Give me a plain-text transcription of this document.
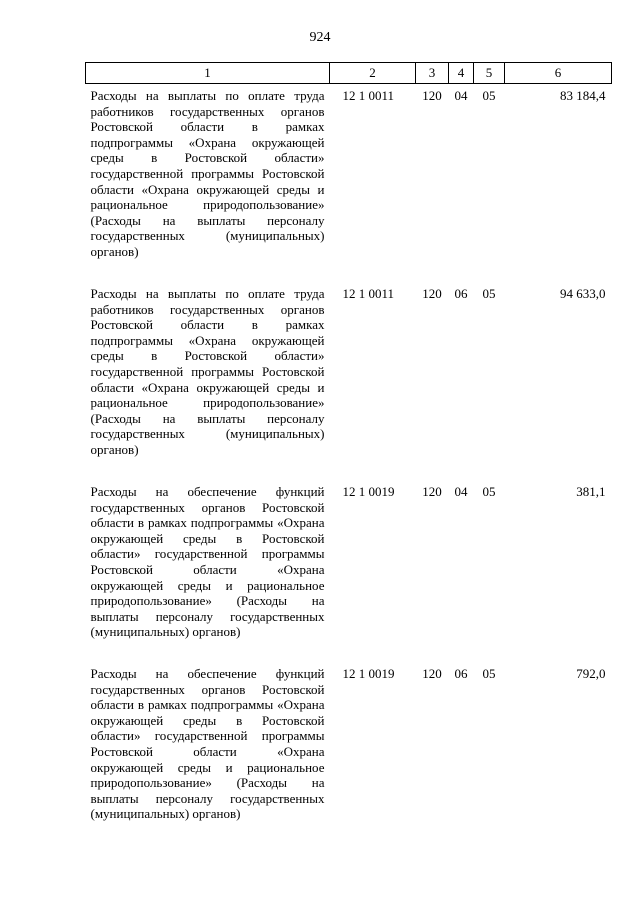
924
1	2	3	4	5	6
Расходы на выплаты по оплате труда работников государственных органов Ростовской области в рамках подпрограммы «Охрана окружающей среды в Ростовской области» государственной программы Ростовской области «Охрана окружающей среды и рациональное природопользование» (Расходы на выплаты персоналу государственных (муниципальных) органов)	12 1 0011	120	04	05	83 184,4
Расходы на выплаты по оплате труда работников государственных органов Ростовской области в рамках подпрограммы «Охрана окружающей среды в Ростовской области» государственной программы Ростовской области «Охрана окружающей среды и рациональное природопользование» (Расходы на выплаты персоналу государственных (муниципальных) органов)	12 1 0011	120	06	05	94 633,0
Расходы на обеспечение функций государственных органов Ростовской области в рамках подпрограммы «Охрана окружающей среды в Ростовской области» государственной программы Ростовской области «Охрана окружающей среды и рациональное природопользование» (Расходы на выплаты персоналу государственных (муниципальных) органов)	12 1 0019	120	04	05	381,1
Расходы на обеспечение функций государственных органов Ростовской области в рамках подпрограммы «Охрана окружающей среды в Ростовской области» государственной программы Ростовской области «Охрана окружающей среды и рациональное природопользование» (Расходы на выплаты персоналу государственных (муниципальных) органов)	12 1 0019	120	06	05	792,0
